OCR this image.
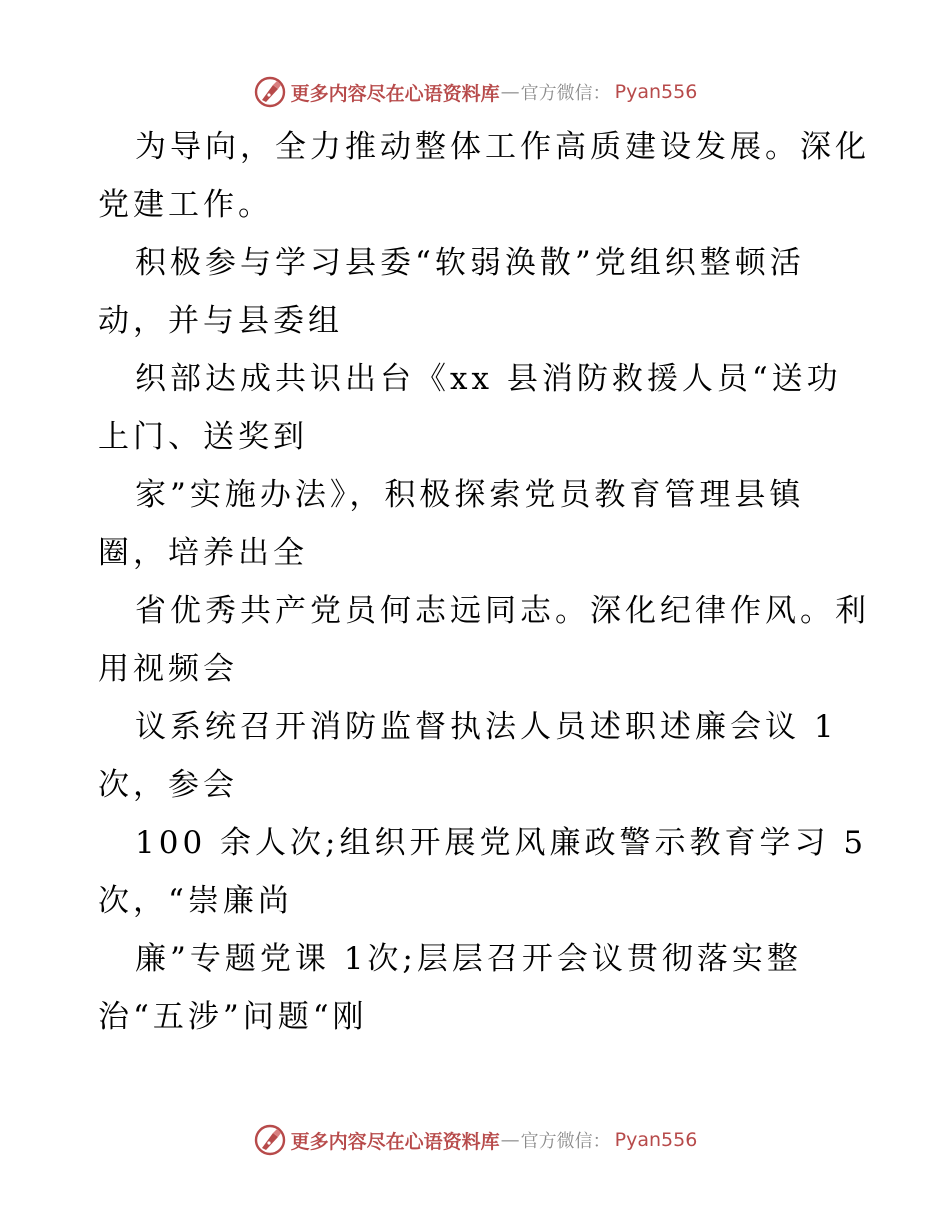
更多内容尽在心语资料库 — 官方微信： Pyan556
为导向，全力推动整体工作高质建设发展。深化
党建工作。
积极参与学习县委“软弱涣散”党组织整顿活
动，并与县委组
织部达成共识出台《xx 县消防救援人员“送功
上门、送奖到
家”实施办法》，积极探索党员教育管理县镇
圈，培养出全
省优秀共产党员何志远同志。深化纪律作风。利
用视频会
议系统召开消防监督执法人员述职述廉会议 1
次，参会
100 余人次;组织开展党风廉政警示教育学习 5
次，“崇廉尚
廉”专题党课 1次;层层召开会议贯彻落实整
治“五涉”问题“刚
更多内容尽在心语资料库 — 官方微信： Pyan556
